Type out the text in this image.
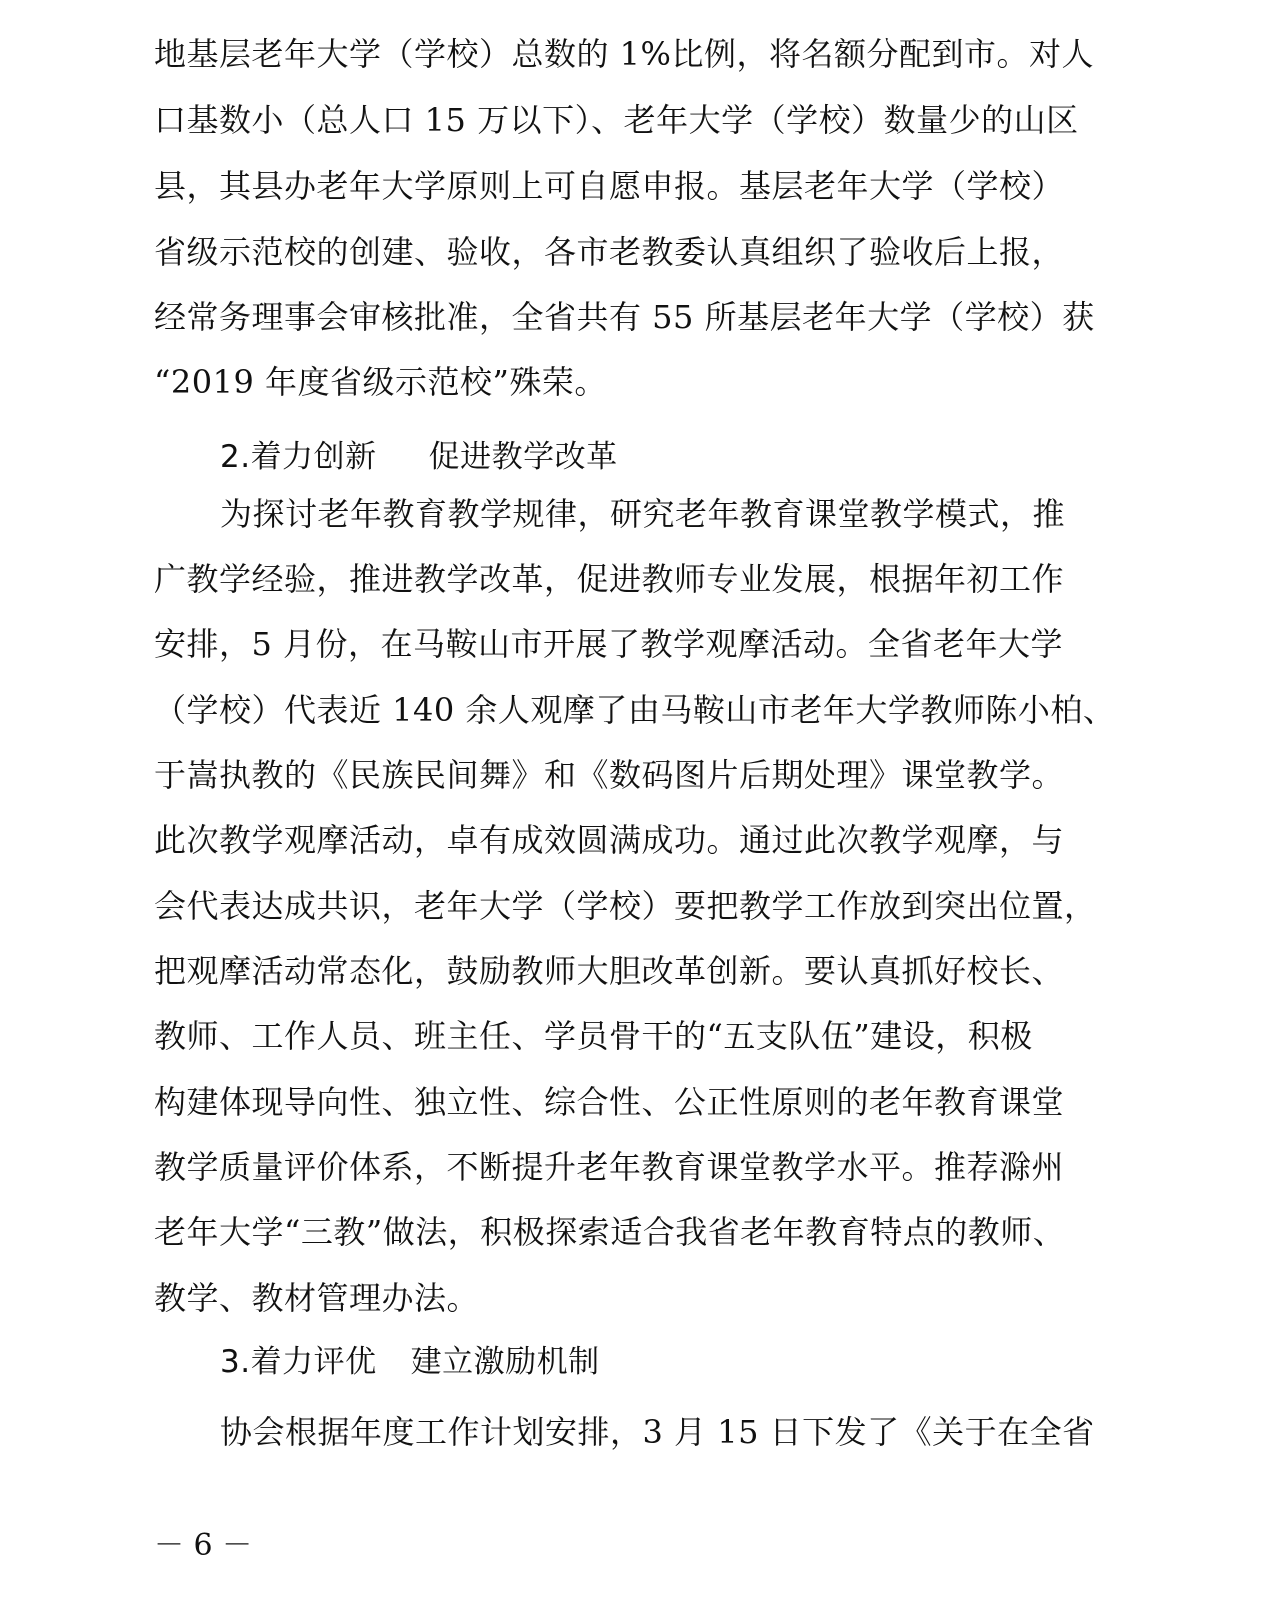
地基层老年大学（学校）总数的 1%比例，将名额分配到市。对人
口基数小（总人口 15 万以下）、老年大学（学校）数量少的山区
县，其县办老年大学原则上可自愿申报。基层老年大学（学校）
省级示范校的创建、验收，各市老教委认真组织了验收后上报，
经常务理事会审核批准，全省共有 55 所基层老年大学（学校）获
“2019 年度省级示范校”殊荣。
2.着力创新 促进教学改革
为探讨老年教育教学规律，研究老年教育课堂教学模式，推
广教学经验，推进教学改革，促进教师专业发展，根据年初工作
安排，5 月份，在马鞍山市开展了教学观摩活动。全省老年大学
（学校）代表近 140 余人观摩了由马鞍山市老年大学教师陈小柏、
于嵩执教的《民族民间舞》和《数码图片后期处理》课堂教学。
此次教学观摩活动，卓有成效圆满成功。通过此次教学观摩，与
会代表达成共识，老年大学（学校）要把教学工作放到突出位置，
把观摩活动常态化，鼓励教师大胆改革创新。要认真抓好校长、
教师、工作人员、班主任、学员骨干的“五支队伍”建设，积极
构建体现导向性、独立性、综合性、公正性原则的老年教育课堂
教学质量评价体系，不断提升老年教育课堂教学水平。推荐滁州
老年大学“三教”做法，积极探索适合我省老年教育特点的教师、
教学、教材管理办法。
3.着力评优 建立激励机制
协会根据年度工作计划安排，3 月 15 日下发了《关于在全省
－ 6 －
